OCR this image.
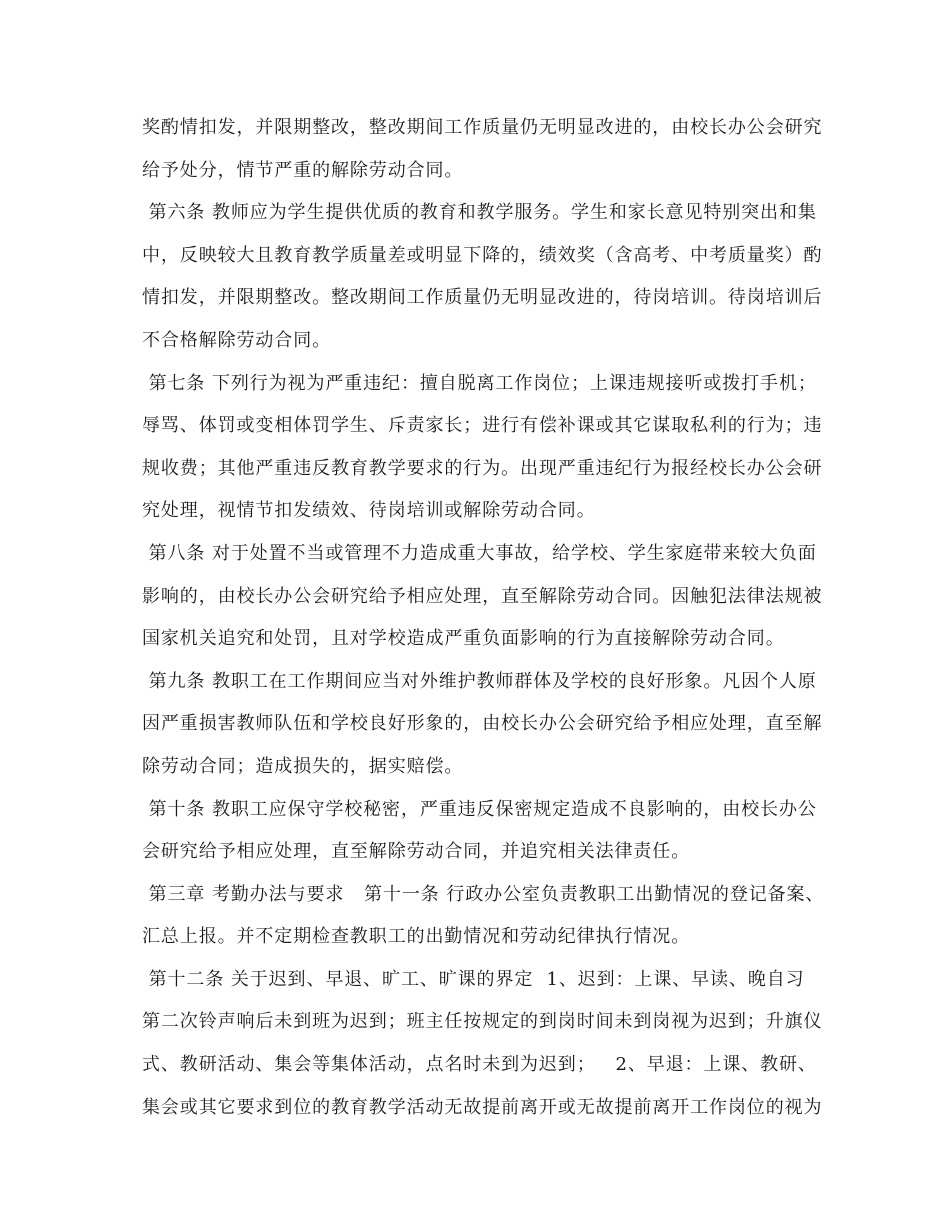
奖酌情扣发，并限期整改，整改期间工作质量仍无明显改进的，由校长办公会研究
给予处分，情节严重的解除劳动合同。
第六条 教师应为学生提供优质的教育和教学服务。学生和家长意见特别突出和集
中，反映较大且教育教学质量差或明显下降的，绩效奖（含高考、中考质量奖）酌
情扣发，并限期整改。整改期间工作质量仍无明显改进的，待岗培训。待岗培训后
不合格解除劳动合同。
第七条 下列行为视为严重违纪：擅自脱离工作岗位；上课违规接听或拨打手机；
辱骂、体罚或变相体罚学生、斥责家长；进行有偿补课或其它谋取私利的行为；违
规收费；其他严重违反教育教学要求的行为。出现严重违纪行为报经校长办公会研
究处理，视情节扣发绩效、待岗培训或解除劳动合同。
第八条 对于处置不当或管理不力造成重大事故，给学校、学生家庭带来较大负面
影响的，由校长办公会研究给予相应处理，直至解除劳动合同。因触犯法律法规被
国家机关追究和处罚，且对学校造成严重负面影响的行为直接解除劳动合同。
第九条 教职工在工作期间应当对外维护教师群体及学校的良好形象。凡因个人原
因严重损害教师队伍和学校良好形象的，由校长办公会研究给予相应处理，直至解
除劳动合同；造成损失的，据实赔偿。
第十条 教职工应保守学校秘密，严重违反保密规定造成不良影响的，由校长办公
会研究给予相应处理，直至解除劳动合同，并追究相关法律责任。
第三章 考勤办法与要求   第十一条 行政办公室负责教职工出勤情况的登记备案、
汇总上报。并不定期检查教职工的出勤情况和劳动纪律执行情况。
第十二条 关于迟到、早退、旷工、旷课的界定  1、迟到：上课、早读、晚自习
第二次铃声响后未到班为迟到；班主任按规定的到岗时间未到岗视为迟到；升旗仪
式、教研活动、集会等集体活动，点名时未到为迟到；   2、早退：上课、教研、
集会或其它要求到位的教育教学活动无故提前离开或无故提前离开工作岗位的视为
